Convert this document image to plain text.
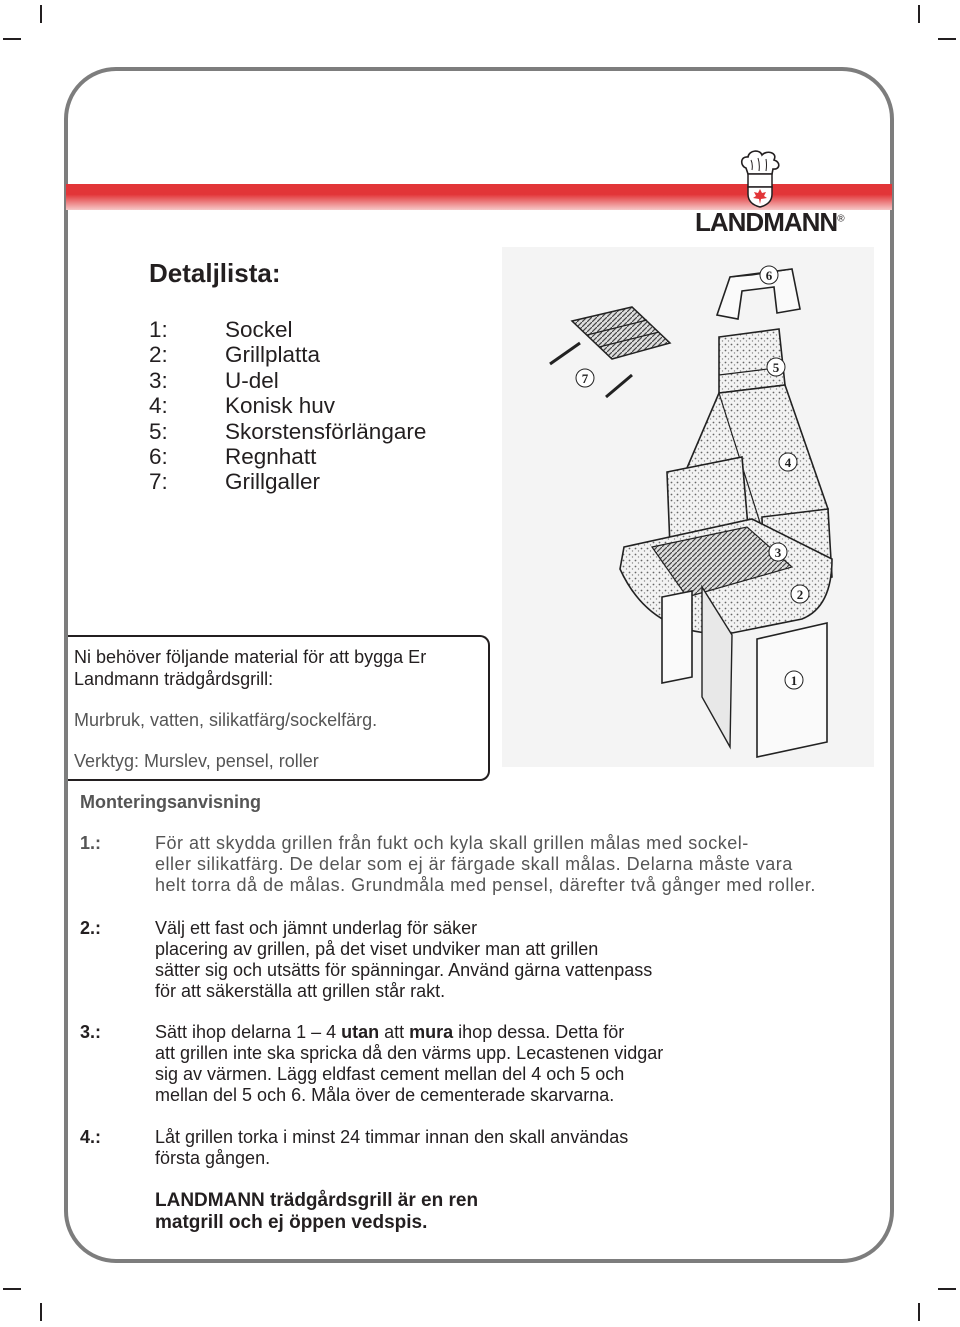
LANDMANN®
Detaljlista:
1:	Sockel
2:	Grillplatta
3:	U-del
4:	Konisk huv
5:	Skorstensförlängare
6:	Regnhatt
7:	Grillgaller
6
5
4
3
2
1
7

Ni behöver följande material för att bygga Er

Landmann trädgårdsgrill:

Murbruk, vatten, silikatfärg/sockelfärg.

Verktyg: Murslev, pensel, roller

Monteringsanvisning
1.:	För att skydda grillen från fukt och kyla skall grillen målas med sockel-
eller silikatfärg. De delar som ej är färgade skall målas. Delarna måste vara
helt torra då de målas. Grundmåla med pensel, därefter två gånger med roller.
2.:	Välj ett fast och jämnt underlag för säker
placering av grillen, på det viset undviker man att grillen
sätter sig och utsätts för spänningar. Använd gärna vattenpass
för att säkerställa att grillen står rakt.
3.:	Sätt ihop delarna 1 – 4 utan att mura ihop dessa. Detta för
att grillen inte ska spricka då den värms upp. Lecastenen vidgar
sig av värmen. Lägg eldfast cement mellan del 4 och 5 och
mellan del 5 och 6. Måla över de cementerade skarvarna.
4.:	Låt grillen torka i minst 24 timmar innan den skall användas
första gången.
LANDMANN trädgårdsgrill är en ren
matgrill och ej öppen vedspis.
